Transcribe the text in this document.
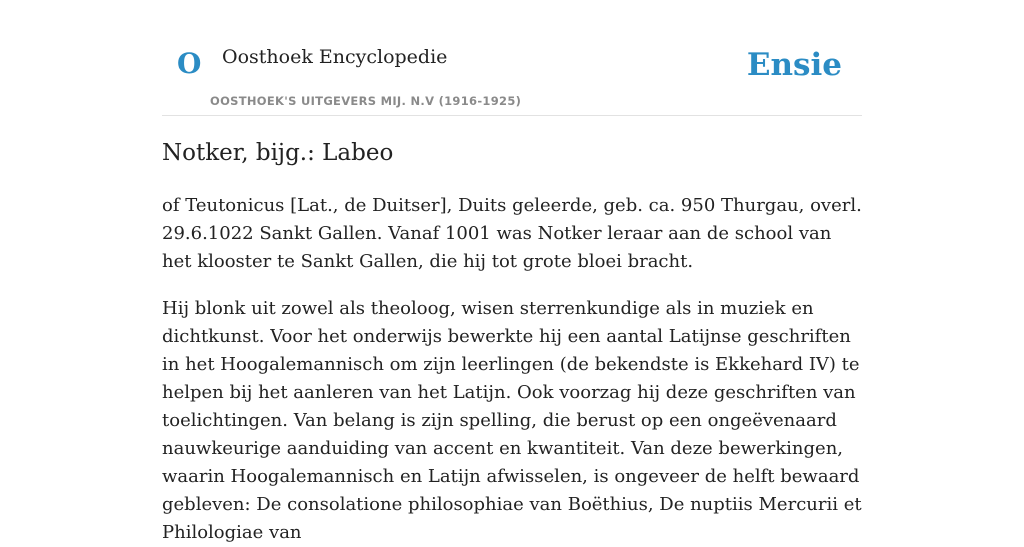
O Oosthoek Encyclopedie
OOSTHOEK'S UITGEVERS MIJ. N.V (1916-1925)
Ensie
Notker, bijg.: Labeo

of Teutonicus [Lat., de Duitser], Duits geleerde, geb. ca. 950 Thurgau, overl. 29.6.1022 Sankt Gallen. Vanaf 1001 was Notker leraar aan de school van het klooster te Sankt Gallen, die hij tot grote bloei bracht.

Hij blonk uit zowel als theoloog, wisen sterrenkundige als in muziek en dichtkunst. Voor het onderwijs bewerkte hij een aantal Latijnse geschriften in het Hoogalemannisch om zijn leerlingen (de bekendste is Ekkehard IV) te helpen bij het aanleren van het Latijn. Ook voorzag hij deze geschriften van toelichtingen. Van belang is zijn spelling, die berust op een ongeëvenaard nauwkeurige aanduiding van accent en kwantiteit. Van deze bewerkingen, waarin Hoogalemannisch en Latijn afwisselen, is ongeveer de helft bewaard gebleven: De consolatione philosophiae van Boëthius, De nuptiis Mercurii et Philologiae van
